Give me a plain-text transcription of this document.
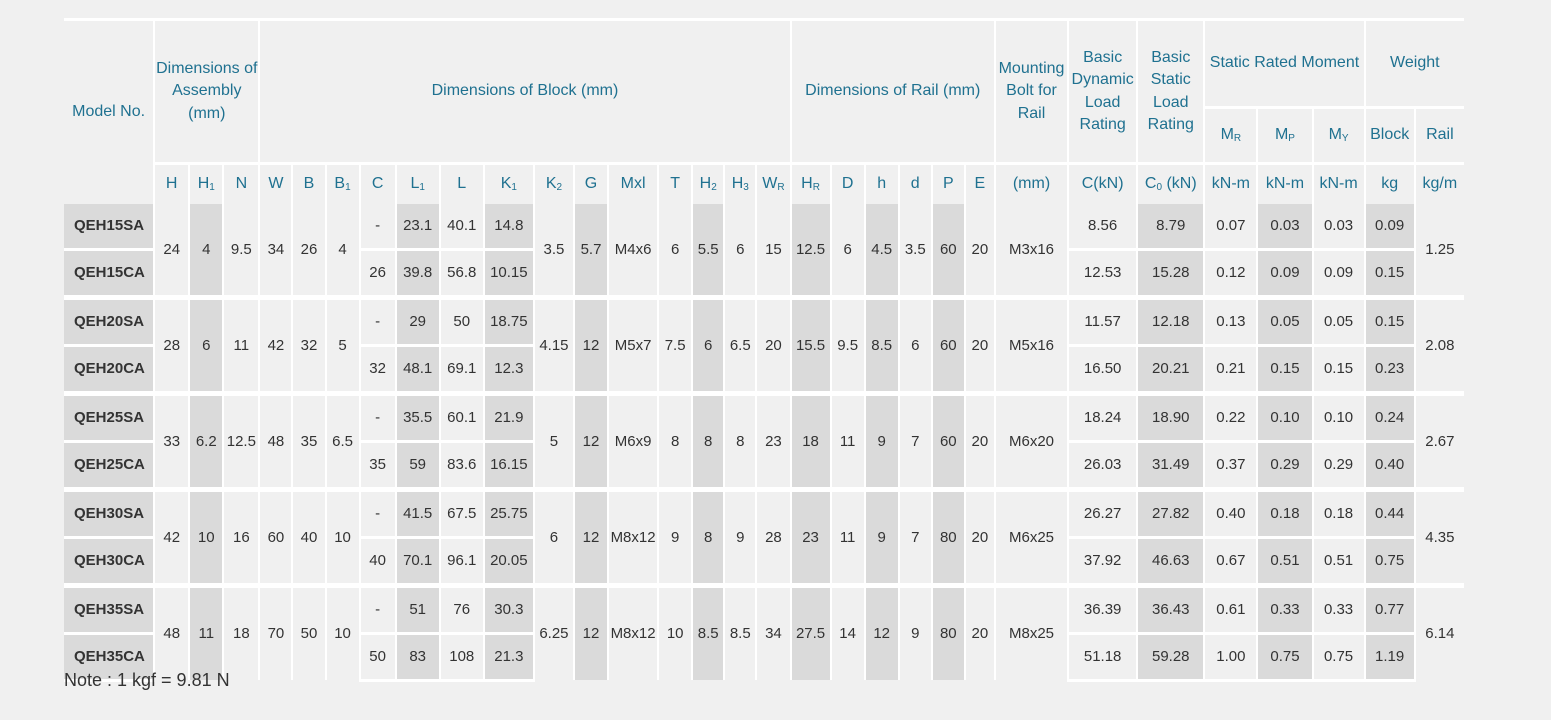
Model No.	Dimensions of Assembly (mm)			Dimensions of Block (mm)														Dimensions of Rail (mm)						Mounting Bolt for Rail	Basic Dynamic Load Rating	Basic Static Load Rating	Static Rated Moment			Weight	
																											$M_R$	$M_P$	$M_Y$	Block	Rail
	H	$H_1$	N	W	B	$B_1$	C	$L_1$	L	$K_1$	$K_2$	G	Mxl	T	$H_2$	$H_3$	$W_R$	$H_R$	D	h	d	P	E	(mm)	C(kN)	$C_0$ (kN)	kN-m	kN-m	kN-m	kg	kg/m
QEH15SA	24	4	9.5	34	26	4	-	23.1	40.1	14.8	3.5	5.7	M4x6	6	5.5	6	15	12.5	6	4.5	3.5	60	20	M3x16	8.56	8.79	0.07	0.03	0.03	0.09	1.25
QEH15CA							26	39.8	56.8	10.15															12.53	15.28	0.12	0.09	0.09	0.15	
QEH20SA	28	6	11	42	32	5	-	29	50	18.75	4.15	12	M5x7	7.5	6	6.5	20	15.5	9.5	8.5	6	60	20	M5x16	11.57	12.18	0.13	0.05	0.05	0.15	2.08
QEH20CA							32	48.1	69.1	12.3															16.50	20.21	0.21	0.15	0.15	0.23	
QEH25SA	33	6.2	12.5	48	35	6.5	-	35.5	60.1	21.9	5	12	M6x9	8	8	8	23	18	11	9	7	60	20	M6x20	18.24	18.90	0.22	0.10	0.10	0.24	2.67
QEH25CA							35	59	83.6	16.15															26.03	31.49	0.37	0.29	0.29	0.40	
QEH30SA	42	10	16	60	40	10	-	41.5	67.5	25.75	6	12	M8x12	9	8	9	28	23	11	9	7	80	20	M6x25	26.27	27.82	0.40	0.18	0.18	0.44	4.35
QEH30CA							40	70.1	96.1	20.05															37.92	46.63	0.67	0.51	0.51	0.75	
QEH35SA	48	11	18	70	50	10	-	51	76	30.3	6.25	12	M8x12	10	8.5	8.5	34	27.5	14	12	9	80	20	M8x25	36.39	36.43	0.61	0.33	0.33	0.77	6.14
QEH35CA							50	83	108	21.3															51.18	59.28	1.00	0.75	0.75	1.19	
Note : 1 kgf = 9.81 N
